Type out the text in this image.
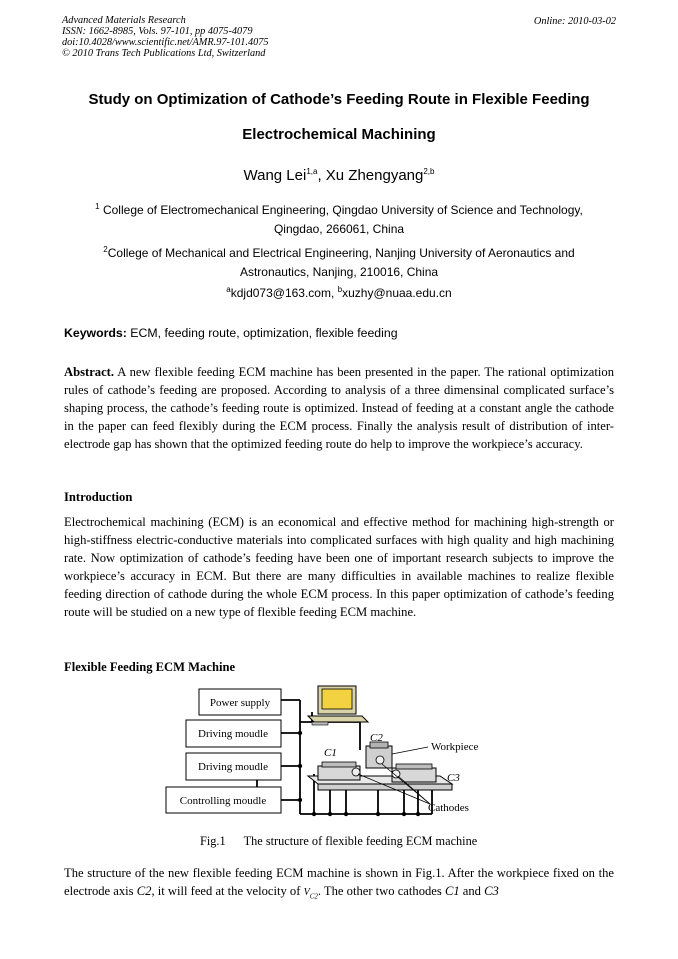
Advanced Materials Research
ISSN: 1662-8985, Vols. 97-101, pp 4075-4079
doi:10.4028/www.scientific.net/AMR.97-101.4075
© 2010 Trans Tech Publications Ltd, Switzerland
Online: 2010-03-02
Study on Optimization of Cathode’s Feeding Route in Flexible Feeding
Electrochemical Machining
Wang Lei$^{1,a}$, Xu Zhengyang$^{2,b}$
$^1$ College of Electromechanical Engineering, Qingdao University of Science and Technology,
Qingdao, 266061, China
$^2$College of Mechanical and Electrical Engineering, Nanjing University of Aeronautics and
Astronautics, Nanjing, 210016, China
$^a$kdjd073@163.com, $^b$xuzhy@nuaa.edu.cn
Keywords: ECM, feeding route, optimization, flexible feeding
Abstract. A new flexible feeding ECM machine has been presented in the paper. The rational optimization rules of cathode’s feeding are proposed. According to analysis of a three dimensinal complicated surface’s shaping process, the cathode’s feeding route is optimized. Instead of feeding at a constant angle the cathode in the paper can feed flexibly during the ECM process. Finally the analysis result of distribution of inter-electrode gap has shown that the optimized feeding route do help to improve the workpiece’s accuracy.
Introduction
Electrochemical machining (ECM) is an economical and effective method for machining high-strength or high-stiffness electric-conductive materials into complicated surfaces with high quality and high machining rate. Now optimization of cathode’s feeding have been one of important research subjects to improve the workpiece’s accuracy in ECM. But there are many difficulties in available machines to realize flexible feeding direction of cathode during the whole ECM process. In this paper optimization of cathode’s feeding route will be studied on a new type of flexible feeding ECM machine.
Flexible Feeding ECM Machine
Power supply
Driving moudle
Driving moudle
Controlling moudle
C1
C2
C3
Workpiece
Cathodes
Fig.1 The structure of flexible feeding ECM machine
The structure of the new flexible feeding ECM machine is shown in Fig.1. After the workpiece fixed on the electrode axis C2, it will feed at the velocity of $V_{C2}$. The other two cathodes C1 and C3
